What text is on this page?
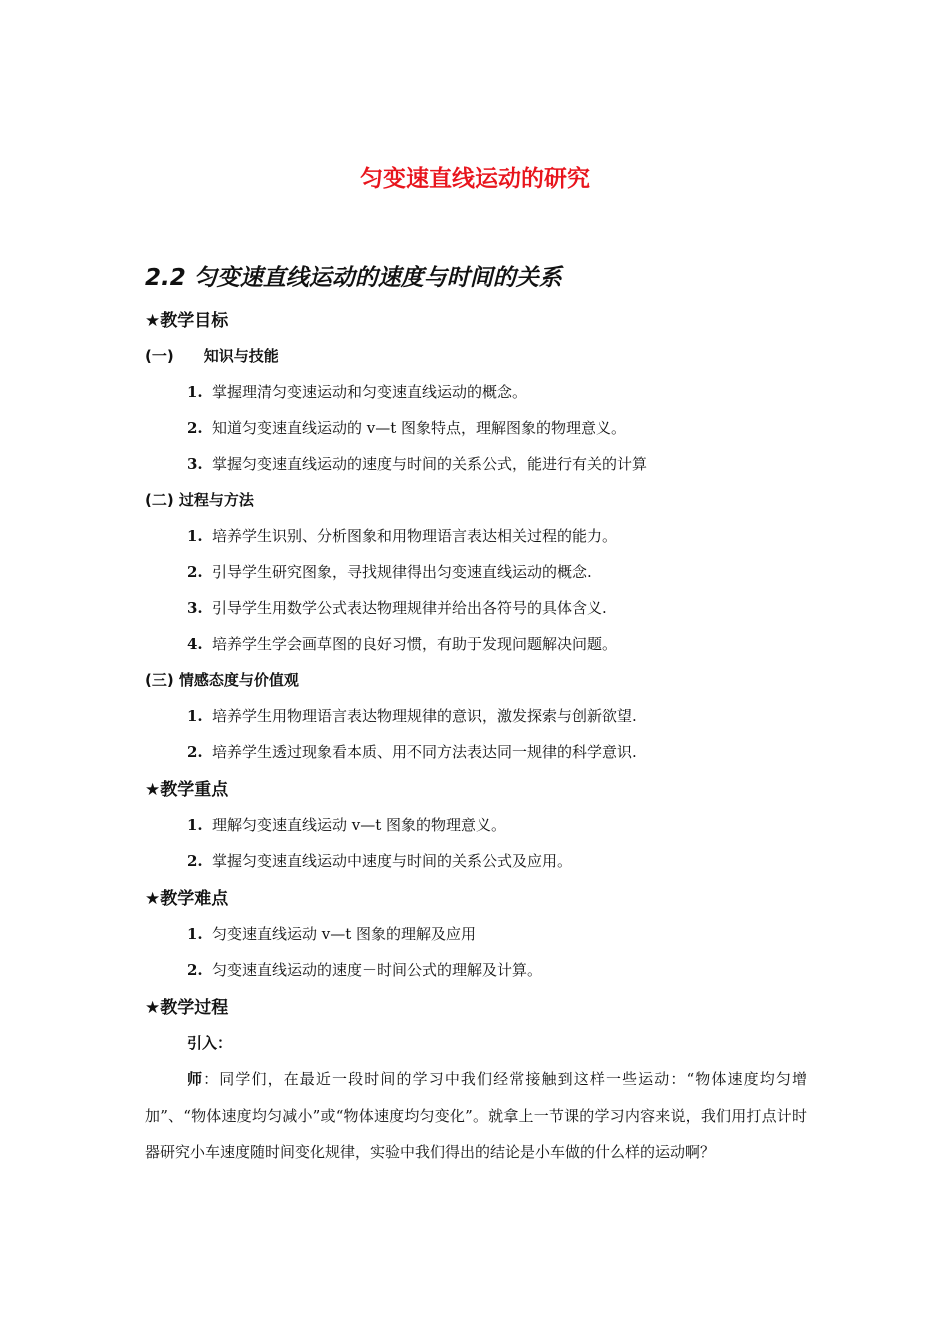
匀变速直线运动的研究
2.2 匀变速直线运动的速度与时间的关系
★教学目标
(一) 知识与技能
1. 掌握理清匀变速运动和匀变速直线运动的概念。
2. 知道匀变速直线运动的 v—t 图象特点，理解图象的物理意义。
3. 掌握匀变速直线运动的速度与时间的关系公式，能进行有关的计算
(二) 过程与方法
1. 培养学生识别、分析图象和用物理语言表达相关过程的能力。
2. 引导学生研究图象，寻找规律得出匀变速直线运动的概念.
3. 引导学生用数学公式表达物理规律并给出各符号的具体含义.
4. 培养学生学会画草图的良好习惯，有助于发现问题解决问题。
(三) 情感态度与价值观
1. 培养学生用物理语言表达物理规律的意识，激发探索与创新欲望.
2. 培养学生透过现象看本质、用不同方法表达同一规律的科学意识.
★教学重点
1. 理解匀变速直线运动 v—t 图象的物理意义。
2. 掌握匀变速直线运动中速度与时间的关系公式及应用。
★教学难点
1. 匀变速直线运动 v—t 图象的理解及应用
2. 匀变速直线运动的速度－时间公式的理解及计算。
★教学过程
引入：
师：同学们，在最近一段时间的学习中我们经常接触到这样一些运动：“物体速度均匀增加”、“物体速度均匀减小”或“物体速度均匀变化”。就拿上一节课的学习内容来说，我们用打点计时器研究小车速度随时间变化规律，实验中我们得出的结论是小车做的什么样的运动啊？
